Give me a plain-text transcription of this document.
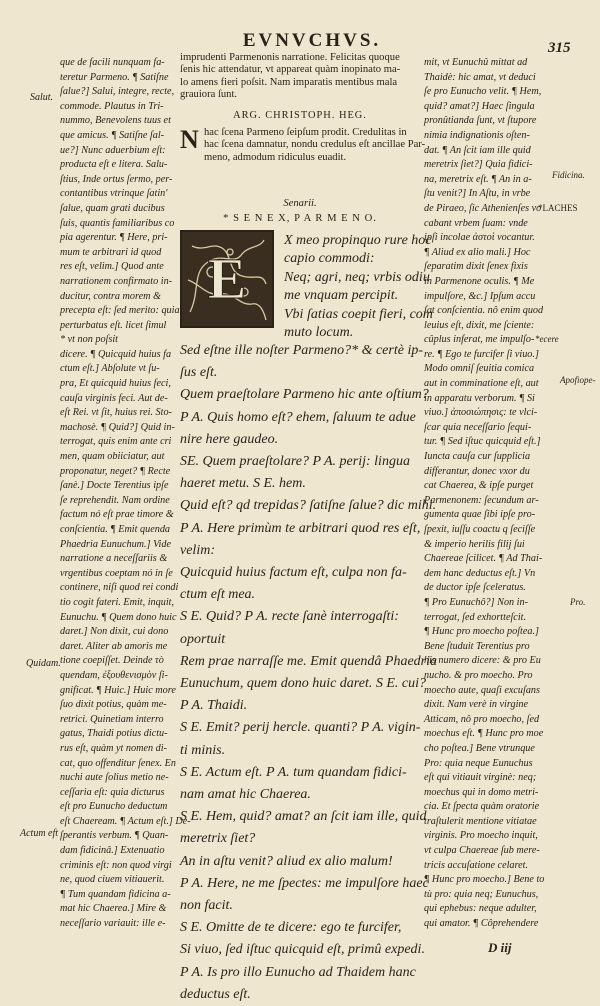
EVNVCHVS.	315
Salut.
Quidam.
Actum eft
Fidicina.
*LACHES
Apofiope-
*ecere
Pro.
que de facili nunquam fa-
teretur Parmeno. ¶ Satiſne
ſalue?] Salui, integre, recte,
commode. Plautus in Tri-
nummo, Benevolens tuus et
que amicus. ¶ Satiſne ſal-
ue?] Nunc aduerbium eſt:
producta eſt e litera. Salu-
ſtius, Inde ortus ſermo, per-
contantibus vtrinque ſatin'
ſalue, quam grati ducibus
ſuis, quantis familiaribus co
pia agerentur. ¶ Here, pri-
mum te arbitrari id quod
res eſt, velim.] Quod ante
narrationem confirmato in-
ducitur, contra morem &
precepta eſt: ſed merito: quia
perturbatus eſt. licet ſimul
* vt non poſsit
dicere. ¶ Quicquid huius fa
ctum eſt.] Abſolute vt ſu-
pra, Et quicquid huius feci,
cauſa virginis feci. Aut de-
eſt Rei. vt ſit, huius rei. Sto-
machosè. ¶ Quid?] Quid in-
terrogat, quis enim ante cri
men, quam obiiciatur, aut
proponatur, neget? ¶ Recte
ſanè.] Docte Terentius ipſe
ſe reprehendit. Nam ordine
factum nó eſt prae timore &
conſcientia. ¶ Emit quenda
Phaedria Eunuchum.] Vide
narratione a neceſſariis &
vrgentibus coeptam nó in ſe
continere, niſi quod rei condi
tio cogit fateri. Emit, inquit,
Eunuchu. ¶ Quem dono huic
daret.] Non dixit, cui dono
daret. Aliter ab amoris me
tione coepiſſet. Deinde τò
quendam, ἐξουθενισμὸν ſi-
gnificat. ¶ Huic.] Huic more
ſuo dixit potius, quàm me-
retrici. Quinetiam interro
gatus, Thaidi potius dictu-
rus eſt, quàm yt nomen di-
cat, quo offenditur ſenex. En
nuchi aute ſolius metio ne-
ceſſaria eſt: quia dicturus
eſt pro Eunucho deductum
eſt Chaeream. ¶ Actum eſt.] De-
ſperantis verbum. ¶ Quan-
dam fidicinâ.] Extenuatio
criminis eſt: non quod virgi
ne, quod ciuem vitiauerit.
¶ Tum quandam fidicina a-
mat hic Chaerea.] Mire &
neceſſario variauit: ille e-
imprudenti Parmenonis narratione. Felicitas quoque
ſenis hic attendatur, vt appareat quàm inopinato ma-
lo amens fieri poſsit. Nam imparatis mentibus mala
grauiora ſunt.
ARG. CHRISTOPH. HEG.
N hac ſcena Parmeno ſeipſum prodit. Credulitas in
hac ſcena damnatur, nondu credulus eſt ancillae Par-
meno, admodum ridiculus euadit.
Senarii.
* S E N E X, P A R M E N O.
E
X meo propinquo rure hoc
capio commodi:
Neq; agri, neq; vrbis odiu
me vnquam percipit.
Vbi ſatias coepit fieri, com
muto locum.
Sed eſtne ille noſter Parmeno?* & certè ip-
ſus eſt.
Quem praeſtolare Parmeno hic ante oſtium?
P A. Quis homo eſt? ehem, ſaluum te adue
nire here gaudeo.
SE. Quem praeſtolare? P A. perij: lingua
haeret metu. S E. hem.
Quid eſt? qd trepidas? ſatiſne ſalue? dic mihi.
P A. Here primùm te arbitrari quod res eſt,
velim:
Quicquid huius factum eſt, culpa non fa-
ctum eſt mea.
S E. Quid? P A. recte ſanè interrogaſti:
oportuit
Rem prae narraſſe me. Emit quendâ Phaedria
Eunuchum, quem dono huic daret. S E. cui?
P A. Thaidi.
S E. Emit? perij hercle. quanti? P A. vigin-
ti minis.
S E. Actum eſt. P A. tum quandam fidici-
nam amat hic Chaerea.
S E. Hem, quid? amat? an ſcit iam ille, quid
meretrix ſiet?
An in aſtu venit? aliud ex alio malum!
P A. Here, ne me ſpectes: me impulſore haec
non facit.
S E. Omitte de te dicere: ego te furcifer,
Si viuo, ſed iſtuc quicquid eſt, primû expedi.
P A. Is pro illo Eunucho ad Thaidem hanc
deductus eſt.
mit, vt Eunuchû mittat ad
Thaidè: hic amat, vt deduci
ſe pro Eunucho velit. ¶ Hem,
quid? amat?] Haec ſingula
pronûtianda ſunt, vt ſtupore
nimia indignationis oſten-
dat. ¶ An ſcit iam ille quid
meretrix ſiet?] Quia fidici-
na, meretrix eſt. ¶ An in a-
ſtu venit?] In Aſtu, in vrbe
de Piraeo, ſic Athenienſes vo
cabant vrbem ſuam: vnde
ipſi incolae ἀστοὶ vocantur.
¶ Aliud ex alio mali.] Hoc
ſeparatim dixit ſenex fixis
in Parmenone oculis. ¶ Me
impulſore, &c.] Ipſum accu
ſat conſcientia. nô enim quod
leuius eſt, dixit, me ſciente:
cûplus inferat, me impulſo-
re. ¶ Ego te furcifer ſi viuo.]
Modo omniſ ſeuitia comica
aut in comminatione eſt, aut
in apparatu verborum. ¶ Si
viuo.] ἀποσιώπησις: te vlci-
ſcar quia neceſſario ſequi-
tur. ¶ Sed iſtuc quicquid eſt.]
Iuncta cauſa cur ſupplicia
differantur, donec vxor du
cat Chaerea, & ipſe purget
Parmenonem: ſecundum ar-
gumenta quae ſibi ipſe pro-
ſpexit, iuſſu coactu q ſeciſſe
& imperio herilis filij ſui
Chaereae ſcilicet. ¶ Ad Thai-
dem hanc deductus eſt.] Vn
de ductor ipſe ſceleratus.
¶ Pro Eunuchô?] Non in-
terrogat, ſed exhortteſcit.
¶ Hunc pro moecho poſtea.]
Bene ſtuduit Terentius pro
his numero dicere: & pro Eu
nucho. & pro moecho. Pro
moecho aute, quaſi excuſans
dixit. Nam verè in virgine
Atticam, nô pro moecho, ſed
moechus eſt. ¶ Hunc pro moe
cho poſtea.] Bene vtrunque
Pro: quia neque Eunuchus
eſt qui vitiauit virginè: neq;
moechus qui in domo metri-
cia. Et ſpecta quàm oratorie
traſtulerit mentione vitiatae
virginis. Pro moecho inquit,
vt culpa Chaereae ſub mere-
tricis accuſatione celaret.
¶ Hunc pro moecho.] Bene to
tù pro: quia neq; Eunuchus,
qui ephebus: neque adulter,
qui amator. ¶ Côprehendere
D iij
